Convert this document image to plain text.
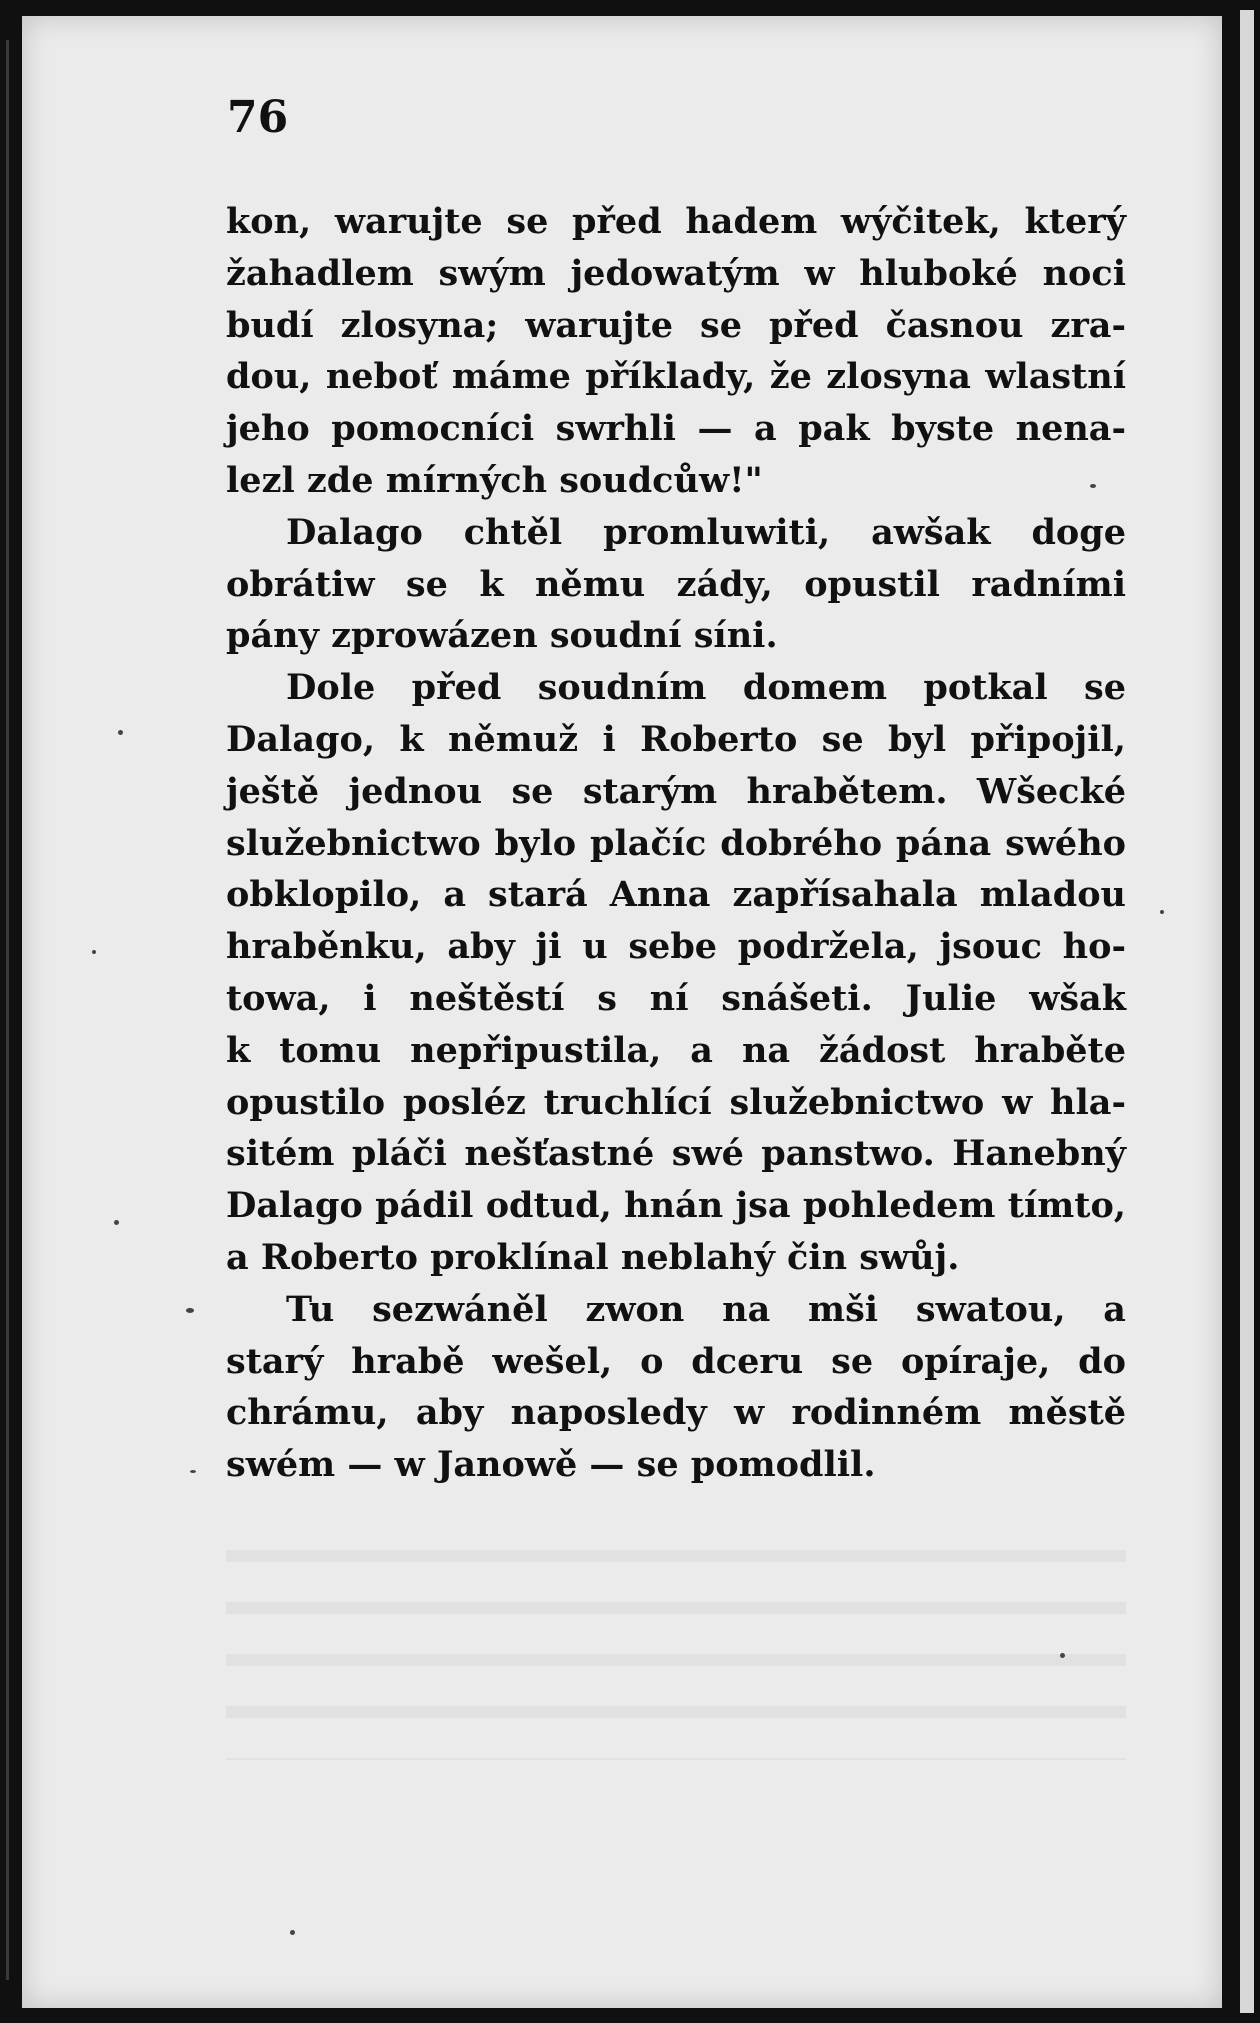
76
kon, warujte se před hadem wýčitek, který
žahadlem swým jedowatým w hluboké noci
budí zlosyna; warujte se před časnou zra-
dou, neboť máme příklady, že zlosyna wlastní
jeho pomocníci swrhli — a pak byste nena-
lezl zde mírných soudcůw!"
Dalago chtěl promluwiti, awšak doge
obrátiw se k němu zády, opustil radními
pány zprowázen soudní síni.
Dole před soudním domem potkal se
Dalago, k němuž i Roberto se byl připojil,
ještě jednou se starým hrabětem. Wšecké
služebnictwo bylo plačíc dobrého pána swého
obklopilo, a stará Anna zapřísahala mladou
hraběnku, aby ji u sebe podržela, jsouc ho-
towa, i neštěstí s ní snášeti. Julie wšak
k tomu nepřipustila, a na žádost hraběte
opustilo posléz truchlící služebnictwo w hla-
sitém pláči nešťastné swé panstwo. Hanebný
Dalago pádil odtud, hnán jsa pohledem tímto,
a Roberto proklínal neblahý čin swůj.
Tu sezwáněl zwon na mši swatou, a
starý hrabě wešel, o dceru se opíraje, do
chrámu, aby naposledy w rodinném městě
swém — w Janowě — se pomodlil.
